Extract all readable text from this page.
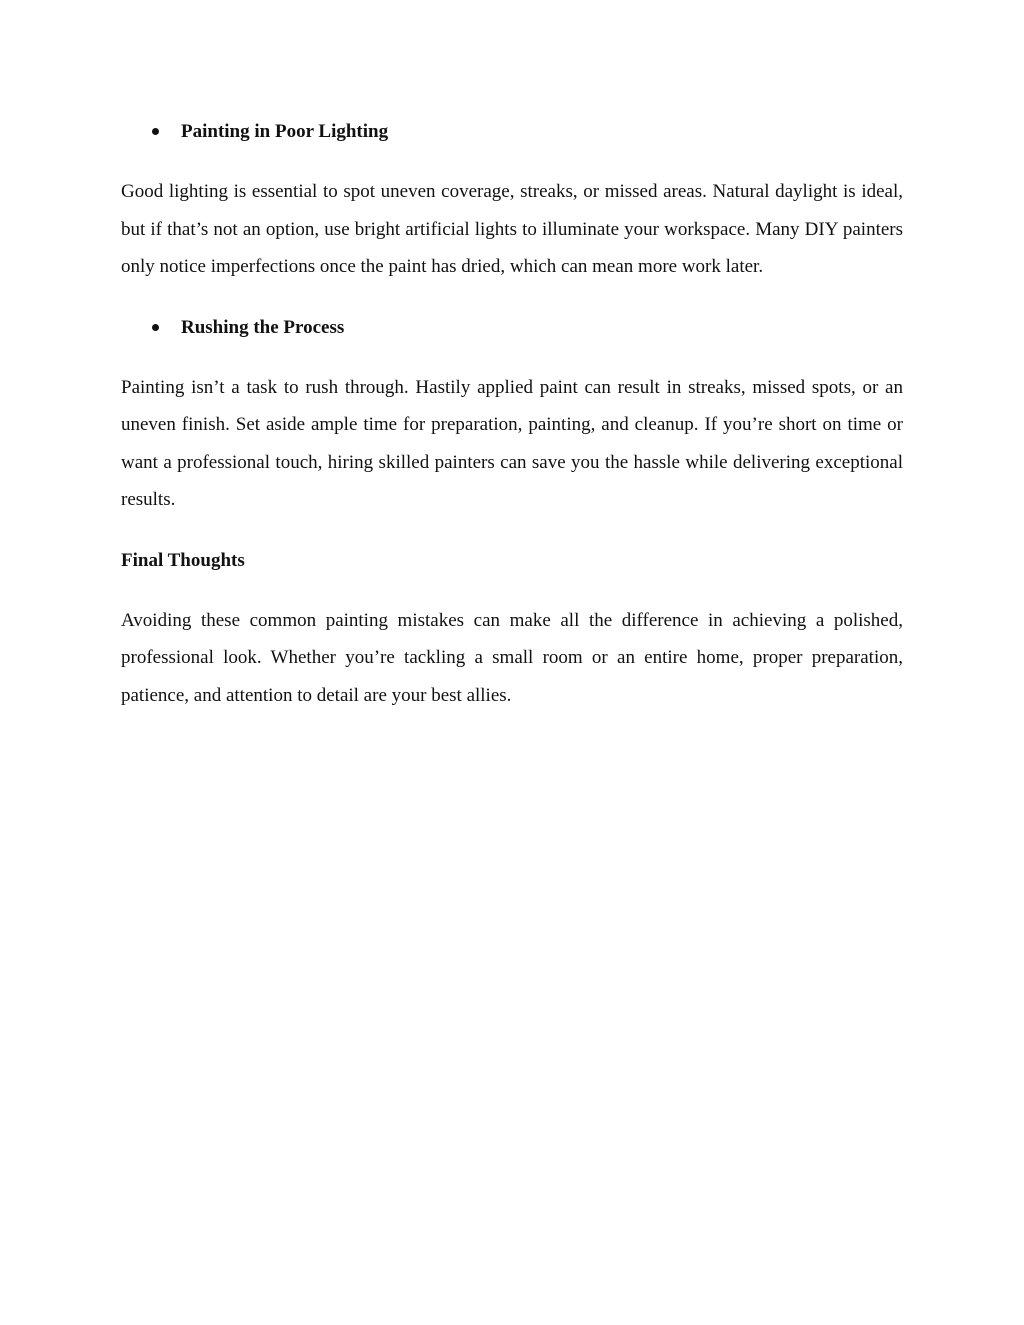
Painting in Poor Lighting

Good lighting is essential to spot uneven coverage, streaks, or missed areas. Natural daylight is ideal, but if that’s not an option, use bright artificial lights to illuminate your workspace. Many DIY painters only notice imperfections once the paint has dried, which can mean more work later.

Rushing the Process

Painting isn’t a task to rush through. Hastily applied paint can result in streaks, missed spots, or an uneven finish. Set aside ample time for preparation, painting, and cleanup. If you’re short on time or want a professional touch, hiring skilled painters can save you the hassle while delivering exceptional results.

Final Thoughts

Avoiding these common painting mistakes can make all the difference in achieving a polished, professional look. Whether you’re tackling a small room or an entire home, proper preparation, patience, and attention to detail are your best allies.
